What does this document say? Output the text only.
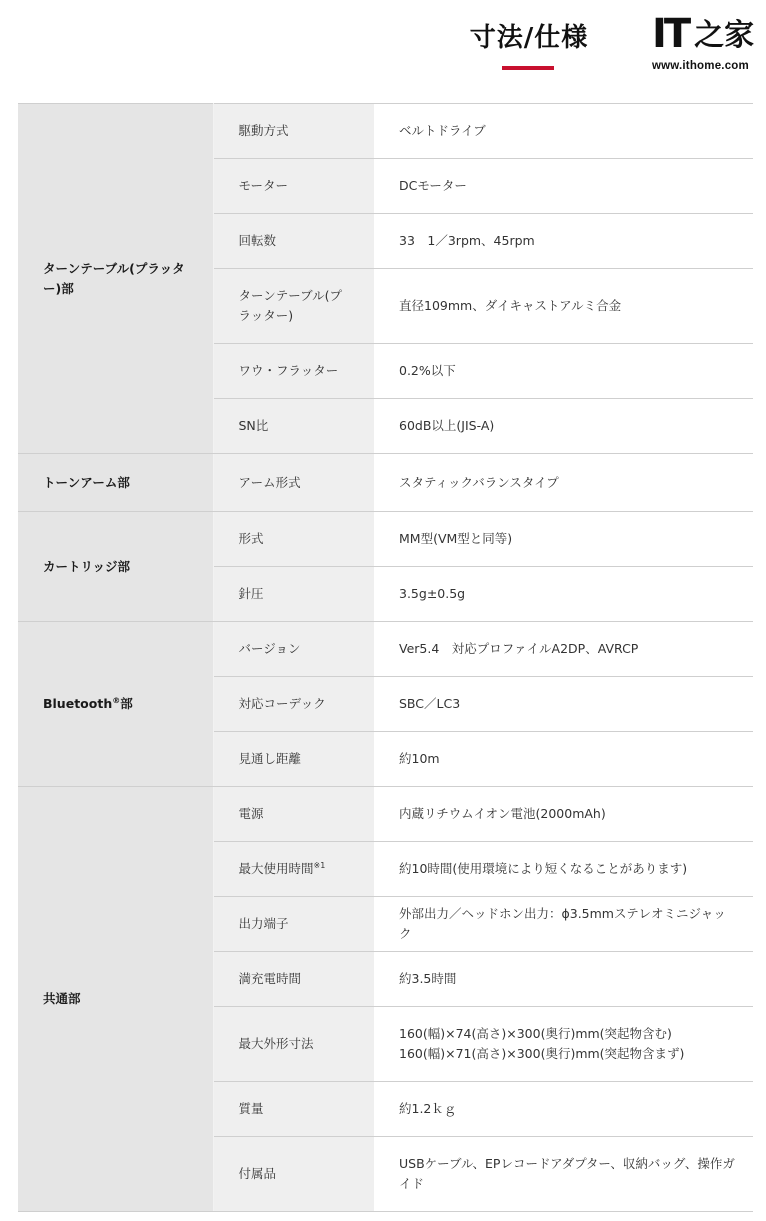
寸法/仕様 IT 之家
www.ithome.com
ターンテーブル(プラッター)部	駆動方式	ベルトドライブ
	モーター	DCモーター
	回転数	33　1／3rpm、45rpm
	ターンテーブル(プラッター)	直径109mm、ダイキャストアルミ合金
	ワウ・フラッター	0.2%以下
	SN比	60dB以上(JIS-A)
トーンアーム部	アーム形式	スタティックバランスタイプ
カートリッジ部	形式	MM型(VM型と同等)
	針圧	3.5g±0.5g
Bluetooth®部	バージョン	Ver5.4　対応プロファイルA2DP、AVRCP
	対応コーデック	SBC／LC3
	見通し距離	約10m
共通部	電源	内蔵リチウムイオン電池(2000mAh)
	最大使用時間$^{※1}$	約10時間(使用環境により短くなることがあります)
	出力端子	外部出力／ヘッドホン出力：ϕ3.5mmステレオミニジャック
	満充電時間	約3.5時間
	最大外形寸法	160(幅)×74(高さ)×300(奥行)mm(突起物含む)
160(幅)×71(高さ)×300(奥行)mm(突起物含まず)

	質量	約1.2ｋｇ
	付属品	USBケーブル、EPレコードアダプター、収納バッグ、操作ガイド
